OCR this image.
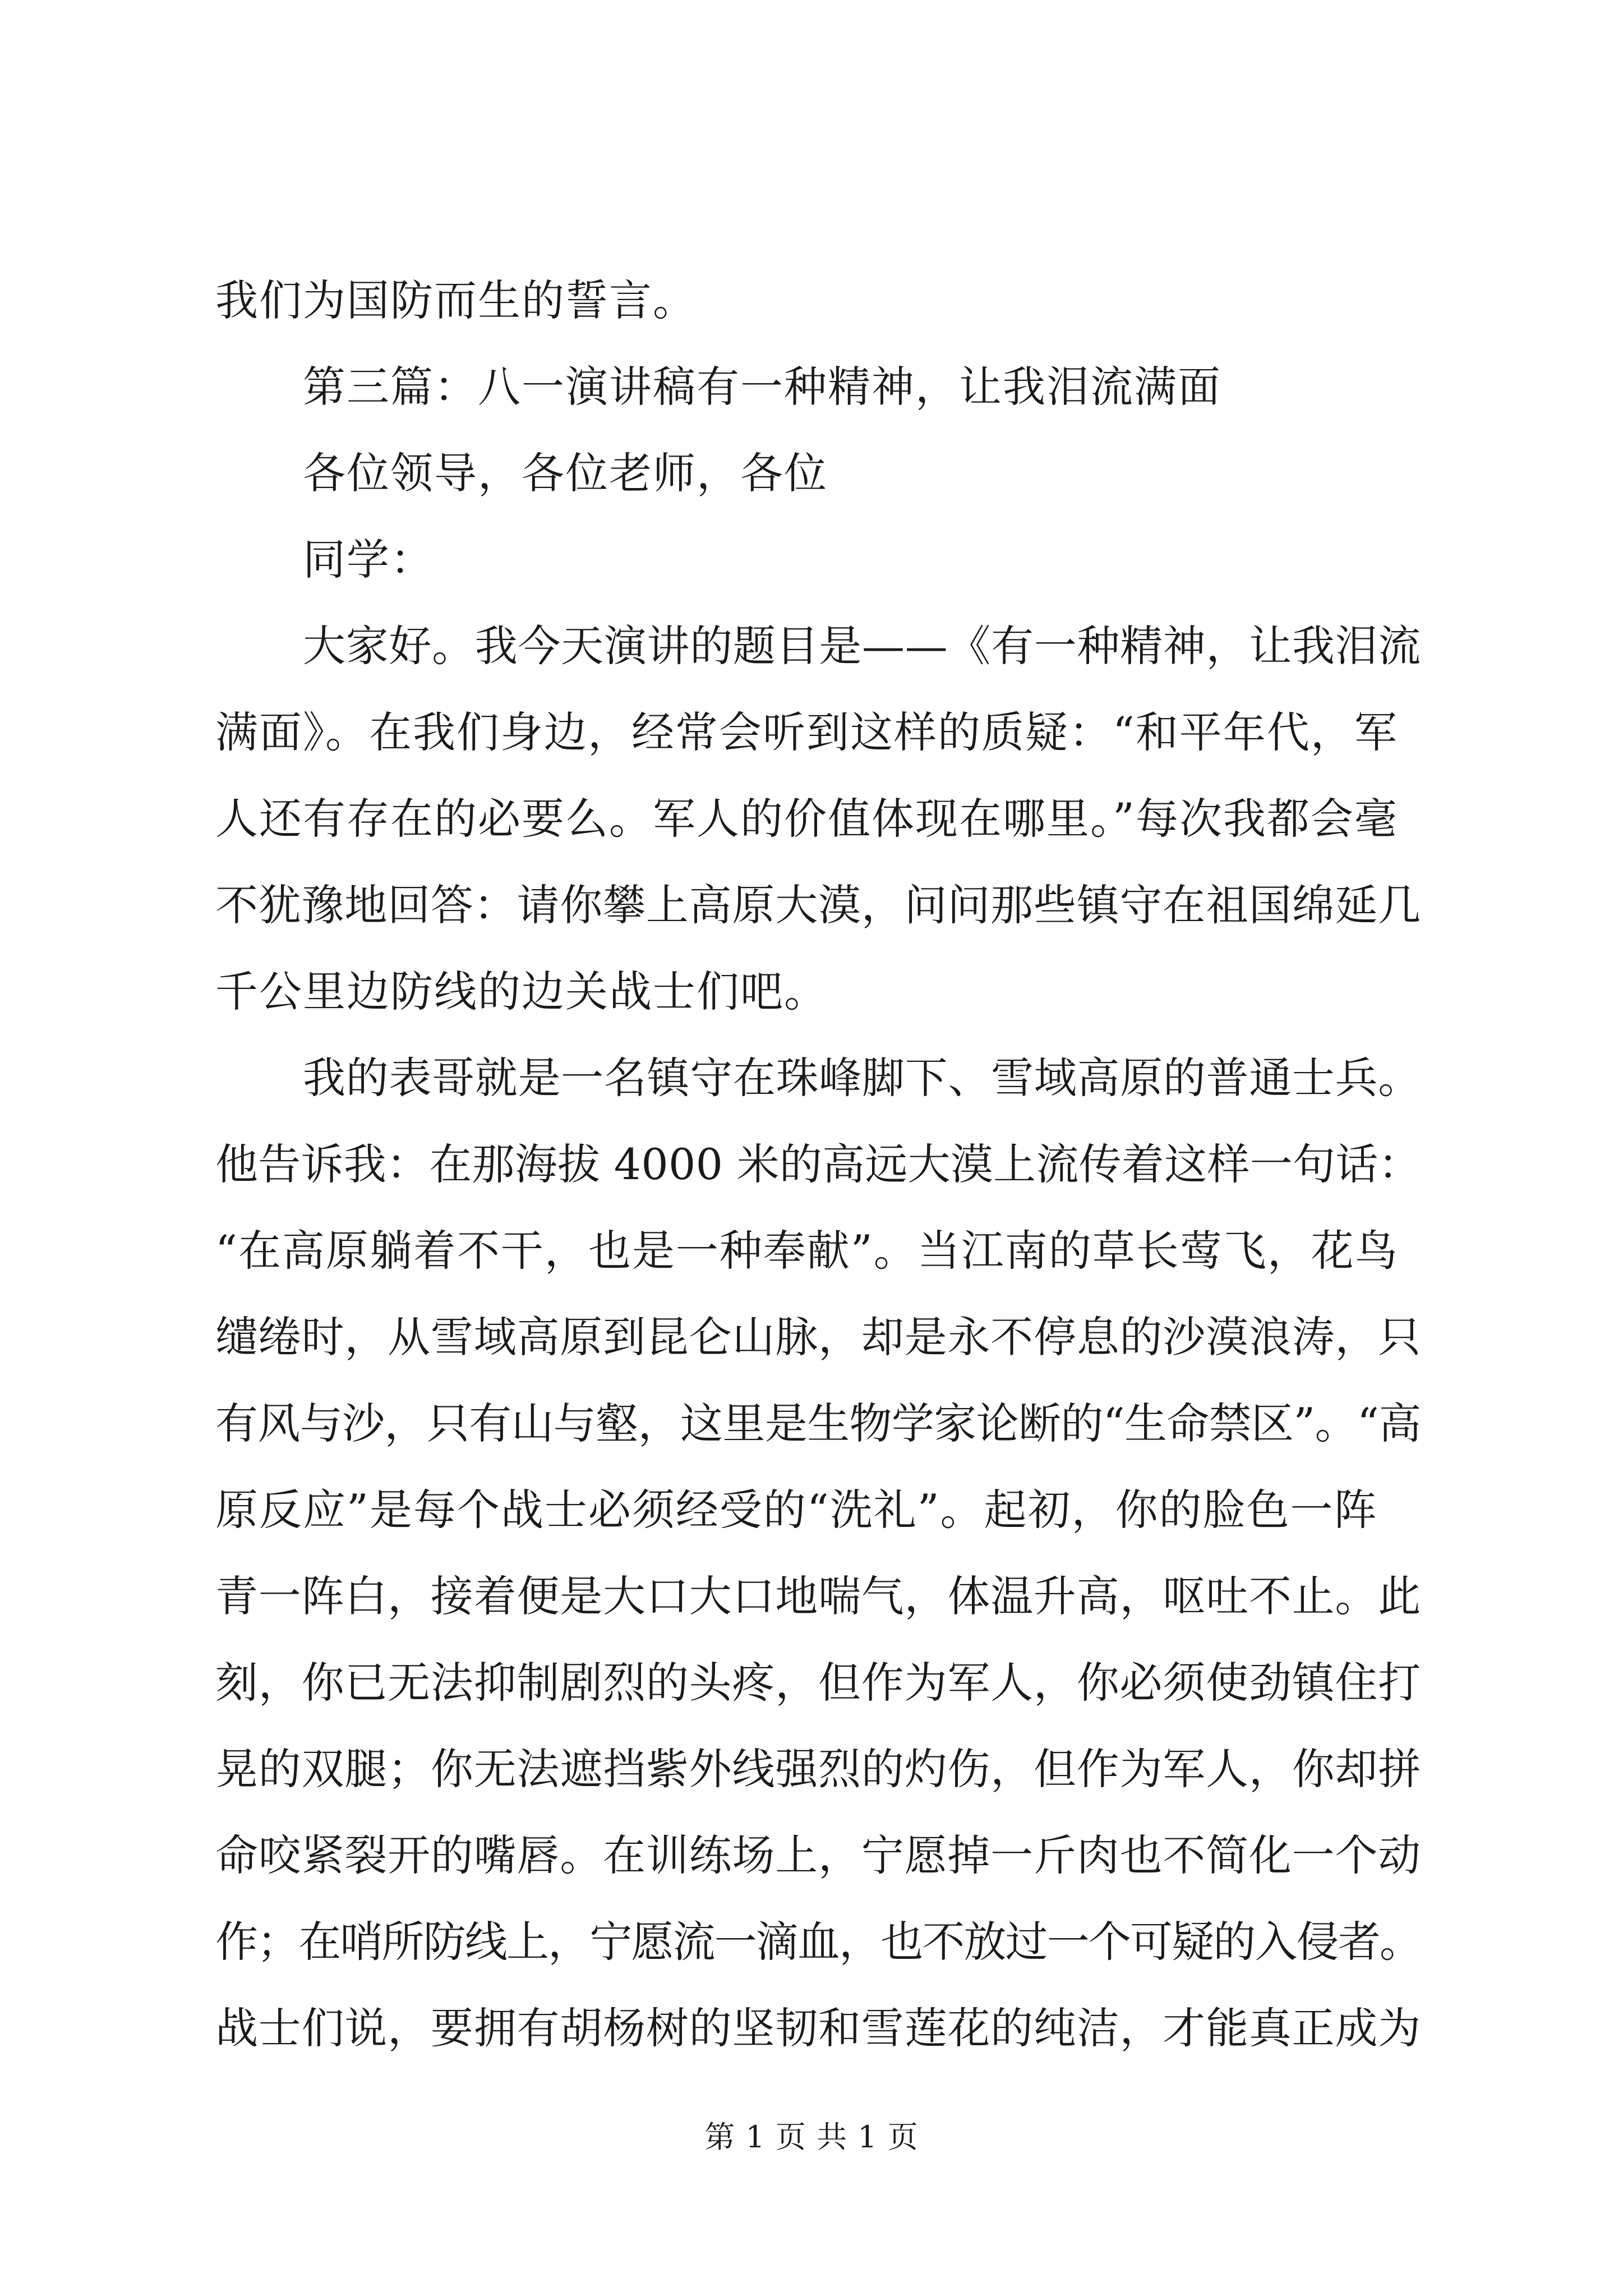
我们为国防而生的誓言。
第三篇：八一演讲稿有一种精神，让我泪流满面
各位领导，各位老师，各位
同学：
大家好。我今天演讲的题目是——《有一种精神，让我泪流
满面》。在我们身边，经常会听到这样的质疑：“和平年代，军
人还有存在的必要么。军人的价值体现在哪里。”每次我都会毫
不犹豫地回答：请你攀上高原大漠，问问那些镇守在祖国绵延几
千公里边防线的边关战士们吧。
我的表哥就是一名镇守在珠峰脚下、雪域高原的普通士兵。
他告诉我：在那海拔 4000 米的高远大漠上流传着这样一句话：
“在高原躺着不干，也是一种奉献”。当江南的草长莺飞，花鸟
缱绻时，从雪域高原到昆仑山脉，却是永不停息的沙漠浪涛，只
有风与沙，只有山与壑，这里是生物学家论断的“生命禁区”。“高
原反应”是每个战士必须经受的“洗礼”。起初，你的脸色一阵
青一阵白，接着便是大口大口地喘气，体温升高，呕吐不止。此
刻，你已无法抑制剧烈的头疼，但作为军人，你必须使劲镇住打
晃的双腿；你无法遮挡紫外线强烈的灼伤，但作为军人，你却拼
命咬紧裂开的嘴唇。在训练场上，宁愿掉一斤肉也不简化一个动
作；在哨所防线上，宁愿流一滴血，也不放过一个可疑的入侵者。
战士们说，要拥有胡杨树的坚韧和雪莲花的纯洁，才能真正成为
第 1 页 共 1 页
